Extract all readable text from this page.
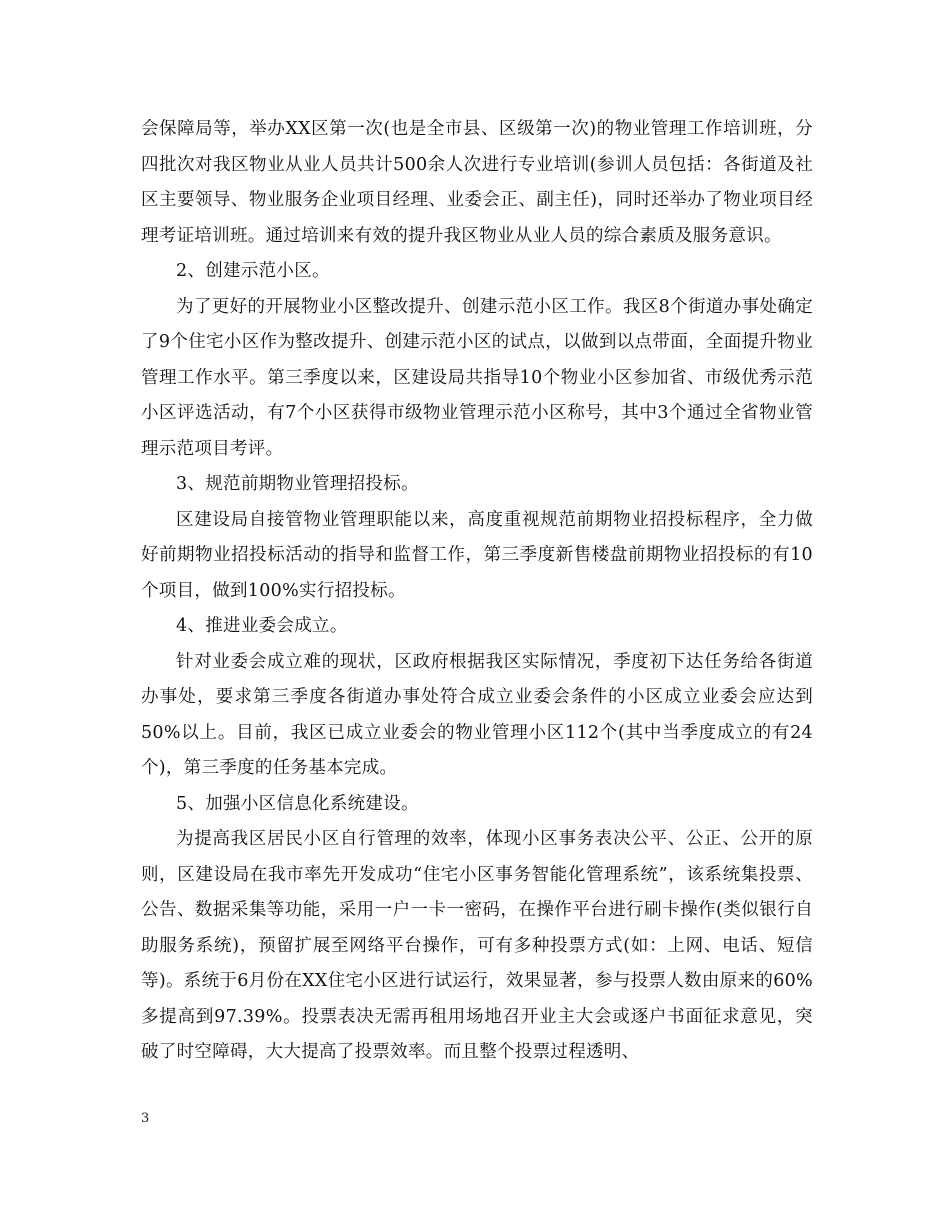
会保障局等，举办XX区第一次(也是全市县、区级第一次)的物业管理工作培训班，分四批次对我区物业从业人员共计500余人次进行专业培训(参训人员包括：各街道及社区主要领导、物业服务企业项目经理、业委会正、副主任)，同时还举办了物业项目经理考证培训班。通过培训来有效的提升我区物业从业人员的综合素质及服务意识。

2、创建示范小区。

为了更好的开展物业小区整改提升、创建示范小区工作。我区8个街道办事处确定了9个住宅小区作为整改提升、创建示范小区的试点，以做到以点带面，全面提升物业管理工作水平。第三季度以来，区建设局共指导10个物业小区参加省、市级优秀示范小区评选活动，有7个小区获得市级物业管理示范小区称号，其中3个通过全省物业管理示范项目考评。

3、规范前期物业管理招投标。

区建设局自接管物业管理职能以来，高度重视规范前期物业招投标程序，全力做好前期物业招投标活动的指导和监督工作，第三季度新售楼盘前期物业招投标的有10个项目，做到100%实行招投标。

4、推进业委会成立。

针对业委会成立难的现状，区政府根据我区实际情况，季度初下达任务给各街道办事处，要求第三季度各街道办事处符合成立业委会条件的小区成立业委会应达到50%以上。目前，我区已成立业委会的物业管理小区112个(其中当季度成立的有24个)，第三季度的任务基本完成。

5、加强小区信息化系统建设。

为提高我区居民小区自行管理的效率，体现小区事务表决公平、公正、公开的原则，区建设局在我市率先开发成功“住宅小区事务智能化管理系统”，该系统集投票、公告、数据采集等功能，采用一户一卡一密码，在操作平台进行刷卡操作(类似银行自助服务系统)，预留扩展至网络平台操作，可有多种投票方式(如：上网、电话、短信等)。系统于6月份在XX住宅小区进行试运行，效果显著，参与投票人数由原来的60%多提高到97.39%。投票表决无需再租用场地召开业主大会或逐户书面征求意见，突破了时空障碍，大大提高了投票效率。而且整个投票过程透明、

3
